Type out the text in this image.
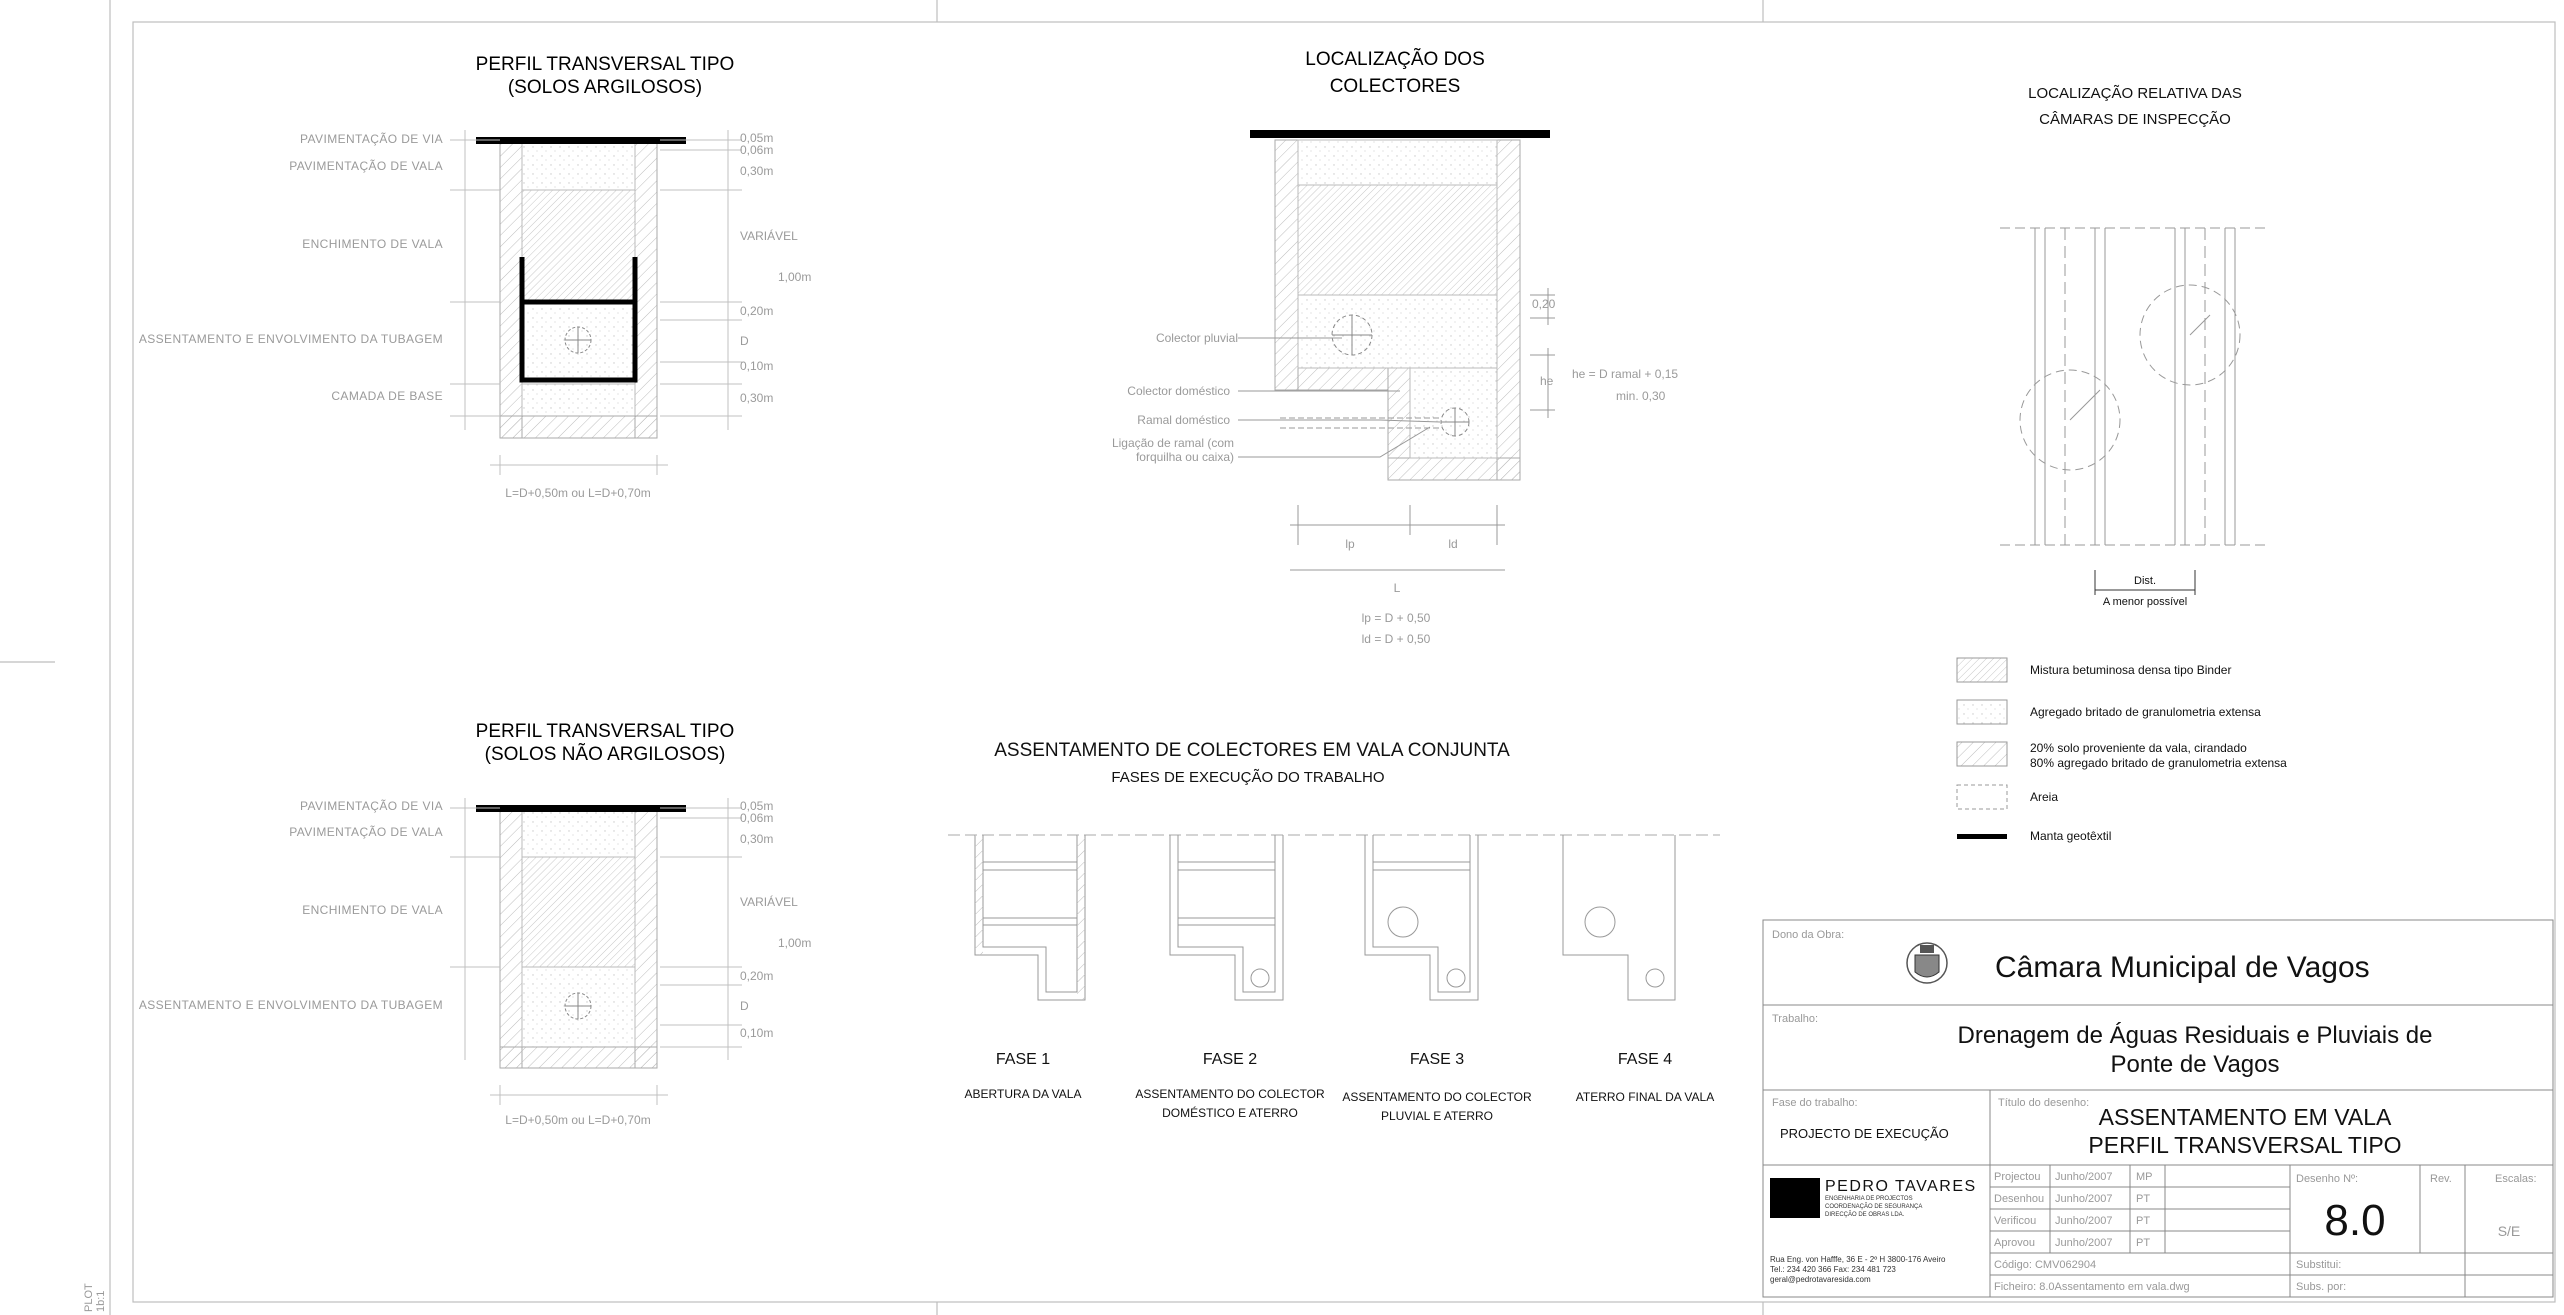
PLOT 1b:1
PERFIL TRANSVERSAL TIPO
(SOLOS ARGILOSOS)
PAVIMENTAÇÃO DE VIA
PAVIMENTAÇÃO DE VALA
ENCHIMENTO DE VALA
ASSENTAMENTO E ENVOLVIMENTO DA TUBAGEM
CAMADA DE BASE
0,05m
0,06m
0,30m
VARIÁVEL
1,00m
0,20m
D
0,10m
0,30m
L=D+0,50m ou L=D+0,70m
PERFIL TRANSVERSAL TIPO
(SOLOS NÃO ARGILOSOS)
PAVIMENTAÇÃO DE VIA
PAVIMENTAÇÃO DE VALA
ENCHIMENTO DE VALA
ASSENTAMENTO E ENVOLVIMENTO DA TUBAGEM
0,05m
0,06m
0,30m
VARIÁVEL
1,00m
0,20m
D
0,10m
L=D+0,50m ou L=D+0,70m
LOCALIZAÇÃO DOS
COLECTORES
Colector pluvial
Colector doméstico
Ramal doméstico
Ligação de ramal (com
forquilha ou caixa)
0,20
he he = D ramal + 0,15
min. 0,30
lp	ld
L
lp = D + 0,50
ld = D + 0,50
LOCALIZAÇÃO RELATIVA DAS
CÂMARAS DE INSPECÇÃO
Dist.
A menor possível
Mistura betuminosa densa tipo Binder
Agregado britado de granulometria extensa
20% solo proveniente da vala, cirandado
80% agregado britado de granulometria extensa
Areia
Manta geotêxtil
ASSENTAMENTO DE COLECTORES EM VALA CONJUNTA
FASES DE EXECUÇÃO DO TRABALHO
FASE 1
ABERTURA DA VALA
FASE 2
ASSENTAMENTO DO COLECTOR
DOMÉSTICO E ATERRO
FASE 3
ASSENTAMENTO DO COLECTOR
PLUVIAL E ATERRO
FASE 4
ATERRO FINAL DA VALA
Dono da Obra:
Câmara Municipal de Vagos
Trabalho:
Drenagem de Águas Residuais e Pluviais de
Ponte de Vagos
Fase do trabalho:
PROJECTO DE EXECUÇÃO
Título do desenho:
ASSENTAMENTO EM VALA
PERFIL TRANSVERSAL TIPO
PEDRO TAVARES
ENGENHARIA DE PROJECTOS
COORDENAÇÃO DE SEGURANÇA
DIRECÇÃO DE OBRAS LDA.
Rua Eng. von Hafffe, 36 E - 2º H 3800-176 Aveiro
Tel.: 234 420 366 Fax: 234 481 723
geral@pedrotavaresida.com
Projectou Junho/2007 MP
Desenhou Junho/2007 PT
Verificou Junho/2007 PT
Aprovou Junho/2007 PT
Código: CMV062904
Ficheiro: 8.0Assentamento em vala.dwg
Desenho Nº:
8.0
Rev.	Escalas:
S/E
Substitui:
Subs. por:
